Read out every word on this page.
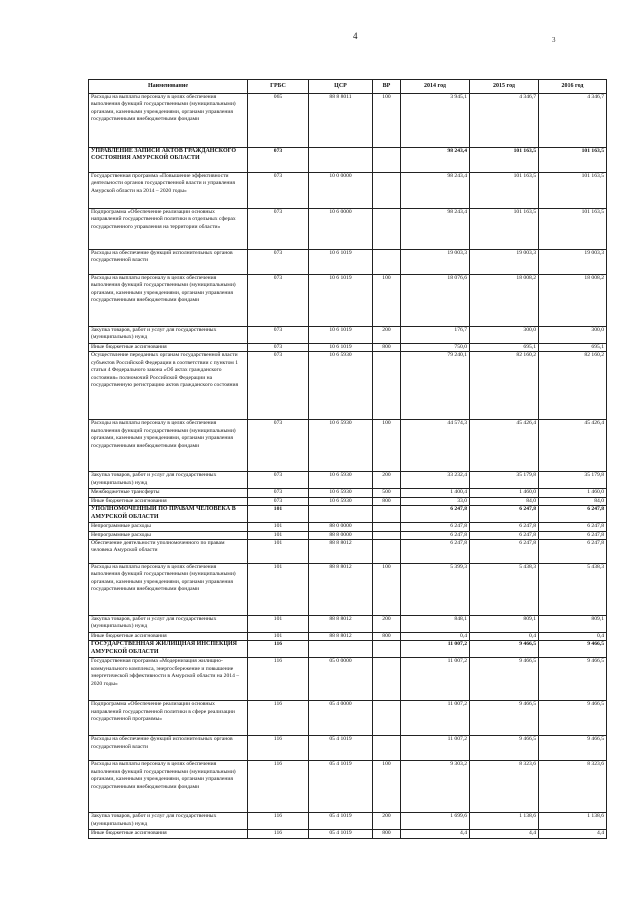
4	3
Наименование	ГРБС	ЦСР	ВР	2014 год	2015 год	2016 год
Расходы на выплаты персоналу в целях обеспечения выполнения функций государственными (муниципальными) органами, казенными учреждениями, органами управления государственными внебюджетными фондами	065	88 8 8011	100	3 945,1	4 346,7	4 346,7
УПРАВЛЕНИЕ ЗАПИСИ АКТОВ ГРАЖДАНСКОГО СОСТОЯНИЯ АМУРСКОЙ ОБЛАСТИ	073			98 243,4	101 163,5	101 163,5
Государственная программа «Повышение эффективности деятельности органов государственной власти и управления Амурской области на 2014 – 2020 годы»	073	10 0 0000		98 243,4	101 163,5	101 163,5
Подпрограмма «Обеспечение реализации основных направлений государственной политики в отдельных сферах государственного управления на территории области»	073	10 6 0000		98 243,4	101 163,5	101 163,5
Расходы на обеспечение функций исполнительных органов государственной власти	073	10 6 1019		19 003,3	19 003,3	19 003,3
Расходы на выплаты персоналу в целях обеспечения выполнения функций государственными (муниципальными) органами, казенными учреждениями, органами управления государственными внебюджетными фондами	073	10 6 1019	100	18 076,6	18 008,2	18 008,2
Закупка товаров, работ и услуг для государственных (муниципальных) нужд	073	10 6 1019	200	176,7	300,0	300,0
Иные бюджетные ассигнования	073	10 6 1019	800	750,0	695,1	695,1
Осуществление переданных органам государственной власти субъектов Российской Федерации в соответствии с пунктом 1 статьи 4 Федерального закона «Об актах гражданского состояния» полномочий Российской Федерации на государственную регистрацию актов гражданского состояния	073	10 6 5930		79 240,1	82 160,2	82 160,2
Расходы на выплаты персоналу в целях обеспечения выполнения функций государственными (муниципальными) органами, казенными учреждениями, органами управления государственными внебюджетными фондами	073	10 6 5930	100	44 574,3	45 426,4	45 426,4
Закупка товаров, работ и услуг для государственных (муниципальных) нужд	073	10 6 5930	200	33 232,4	35 179,8	35 179,8
Межбюджетные трансферты	073	10 6 5930	500	1 400,4	1 460,0	1 460,0
Иные бюджетные ассигнования	073	10 6 5930	800	33,0	84,0	84,0
УПОЛНОМОЧЕННЫЙ ПО ПРАВАМ ЧЕЛОВЕКА В АМУРСКОЙ ОБЛАСТИ	101			6 247,8	6 247,8	6 247,8
Непрограммные расходы	101	88 0 0000		6 247,8	6 247,8	6 247,8
Непрограммные расходы	101	88 8 0000		6 247,8	6 247,8	6 247,8
Обеспечение деятельности уполномоченного по правам человека Амурской области	101	88 8 8012		6 247,8	6 247,8	6 247,8
Расходы на выплаты персоналу в целях обеспечения выполнения функций государственными (муниципальными) органами, казенными учреждениями, органами управления государственными внебюджетными фондами	101	88 8 8012	100	5 399,3	5 438,3	5 438,3
Закупка товаров, работ и услуг для государственных (муниципальных) нужд	101	88 8 8012	200	848,1	809,1	809,1
Иные бюджетные ассигнования	101	88 8 8012	800	0,4	0,4	0,4
ГОСУДАРСТВЕННАЯ ЖИЛИЩНАЯ ИНСПЕКЦИЯ АМУРСКОЙ ОБЛАСТИ	116			11 007,2	9 466,5	9 466,5
Государственная программа «Модернизация жилищно-коммунального комплекса, энергосбережение и повышение энергетической эффективности в Амурской области на 2014 – 2020 годы»	116	05 0 0000		11 007,2	9 466,5	9 466,5
Подпрограмма «Обеспечение реализации основных направлений государственной политики в сфере реализации государственной программы»	116	05 4 0000		11 007,2	9 466,5	9 466,5
Расходы на обеспечение функций исполнительных органов государственной власти	116	05 4 1019		11 007,2	9 466,5	9 466,5
Расходы на выплаты персоналу в целях обеспечения выполнения функций государственными (муниципальными) органами, казенными учреждениями, органами управления государственными внебюджетными фондами	116	05 4 1019	100	9 303,2	8 323,6	8 323,6
Закупка товаров, работ и услуг для государственных (муниципальных) нужд	116	05 4 1019	200	1 699,6	1 138,6	1 138,6
Иные бюджетные ассигнования	116	05 4 1019	800	4,4	4,4	4,4
